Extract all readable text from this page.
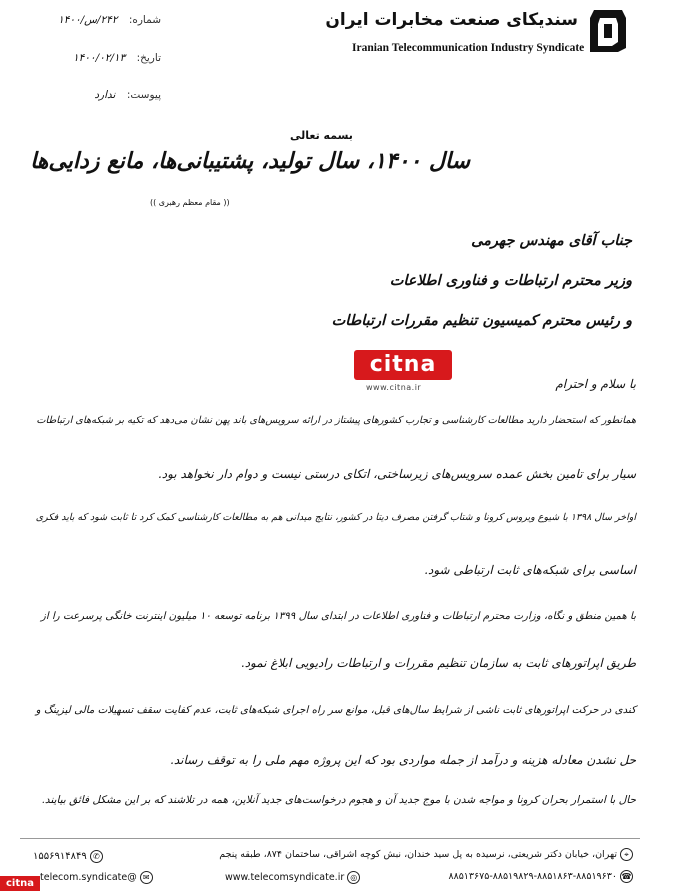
سندیکای صنعت مخابرات ایران
Iranian Telecommunication Industry Syndicate
شماره: ۲۴۲/س/۱۴۰۰
تاریخ: ۱۴۰۰/۰۲/۱۳
پیوست: ندارد
بسمه تعالی
سال ۱۴۰۰، سال تولید، پشتیبانی‌ها، مانع زدایی‌ها
(( مقام معظم رهبری ))
جناب آقای مهندس جهرمی
وزیر محترم ارتباطات و فناوری اطلاعات
و رئیس محترم کمیسیون تنظیم مقررات ارتباطات
citna
www.citna.ir	با سلام و احترام
همانطور که استحضار دارید مطالعات کارشناسی و تجارب کشورهای پیشتاز در ارائه سرویس‌های باند پهن نشان می‌دهد که تکیه بر شبکه‌های ارتباطات
سیار برای تامین بخش عمده سرویس‌های زیرساختی، اتکای درستی نیست و دوام دار نخواهد بود.
اواخر سال ۱۳۹۸ با شیوع ویروس کرونا و شتاب گرفتن مصرف دیتا در کشور، نتایج میدانی هم به مطالعات کارشناسی کمک کرد تا ثابت شود که باید فکری
اساسی برای شبکه‌های ثابت ارتباطی شود.
با همین منطق و نگاه، وزارت محترم ارتباطات و فناوری اطلاعات در ابتدای سال ۱۳۹۹ برنامه توسعه ۱۰ میلیون اینترنت خانگی پرسرعت را از
طریق اپراتورهای ثابت به سازمان تنظیم مقررات و ارتباطات رادیویی ابلاغ نمود.
کندی در حرکت اپراتورهای ثابت ناشی از شرایط سال‌های قبل، موانع سر راه اجرای شبکه‌های ثابت، عدم کفایت سقف تسهیلات مالی لیزینگ و
حل نشدن معادله هزینه و درآمد از جمله مواردی بود که این پروژه مهم ملی را به توقف رساند.
حال با استمرار بحران کرونا و مواجه شدن با موج جدید آن و هجوم درخواست‌های جدید آنلاین، همه در تلاشند که بر این مشکل فائق بیایند.
⌖ تهران، خیابان دکتر شریعتی، نرسیده به پل سید خندان، نبش کوچه اشراقی، ساختمان ۸۷۴، طبقه پنجم
۱۵۵۶۹۱۴۸۴۹ ✆
☎ ۸۸۵۱۳۶۷۵-۸۸۵۱۹۸۲۹-۸۸۵۱۸۶۳-۸۸۵۱۹۶۳۰
www.telecomsyndicate.ir ◎
telecom.syndicate@ ✉
citna
